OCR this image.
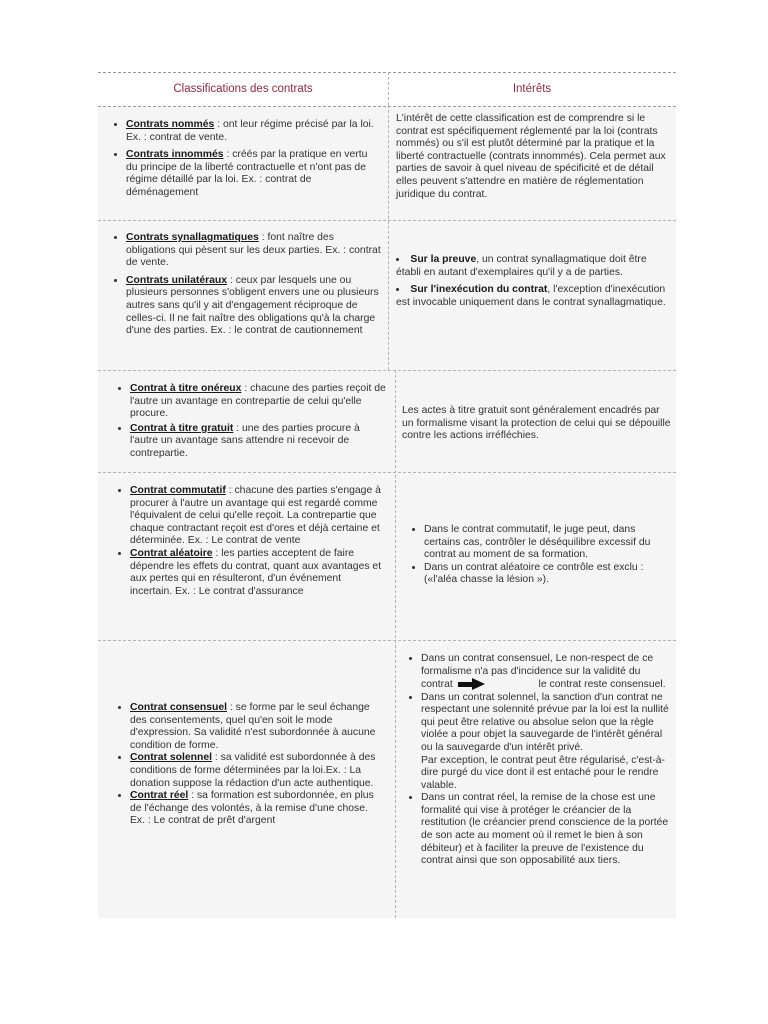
Classifications des contrats	Intérêts
• Contrats nommés : ont leur régime précisé par la loi. Ex. : contrat de vente.
• Contrats innommés : créés par la pratique en vertu du principe de la liberté contractuelle et n'ont pas de régime détaillé par la loi. Ex. : contrat de déménagement

L'intérêt de cette classification est de comprendre si le contrat est spécifiquement réglementé par la loi (contrats nommés) ou s'il est plutôt déterminé par la pratique et la liberté contractuelle (contrats innommés). Cela permet aux parties de savoir à quel niveau de spécificité et de détail elles peuvent s'attendre en matière de réglementation juridique du contrat.

• Contrats synallagmatiques : font naître des obligations qui pèsent sur les deux parties. Ex. : contrat de vente.
• Contrats unilatéraux : ceux par lesquels une ou plusieurs personnes s'obligent envers une ou plusieurs autres sans qu'il y ait d'engagement réciproque de celles-ci. Il ne fait naître des obligations qu'à la charge d'une des parties. Ex. : le contrat de cautionnement
• Sur la preuve, un contrat synallagmatique doit être établi en autant d'exemplaires qu'il y a de parties.
• Sur l'inexécution du contrat, l'exception d'inexécution est invocable uniquement dans le contrat synallagmatique.
• Contrat à titre onéreux : chacune des parties reçoit de l'autre un avantage en contrepartie de celui qu'elle procure.
• Contrat à titre gratuit : une des parties procure à l'autre un avantage sans attendre ni recevoir de contrepartie.

Les actes à titre gratuit sont généralement encadrés par un formalisme visant la protection de celui qui se dépouille contre les actions irréfléchies.

• Contrat commutatif : chacune des parties s'engage à procurer à l'autre un avantage qui est regardé comme l'équivalent de celui qu'elle reçoit. La contrepartie que chaque contractant reçoit est d'ores et déjà certaine et déterminée. Ex. : Le contrat de vente
• Contrat aléatoire : les parties acceptent de faire dépendre les effets du contrat, quant aux avantages et aux pertes qui en résulteront, d'un événement incertain. Ex. : Le contrat d'assurance
• Dans le contrat commutatif, le juge peut, dans certains cas, contrôler le déséquilibre excessif du contrat au moment de sa formation.
• Dans un contrat aléatoire ce contrôle est exclu : («l'aléa chasse la lésion »).
• Contrat consensuel : se forme par le seul échange des consentements, quel qu'en soit le mode d'expression. Sa validité n'est subordonnée à aucune condition de forme.
• Contrat solennel : sa validité est subordonnée à des conditions de forme déterminées par la loi.Ex. : La donation suppose la rédaction d'un acte authentique.
• Contrat réel : sa formation est subordonnée, en plus de l'échange des volontés, à la remise d'une chose.
Ex. : Le contrat de prêt d'argent
• Dans un contrat consensuel, Le non-respect de ce formalisme n'a pas d'incidence sur la validité du contrat	le contrat reste consensuel.
• Dans un contrat solennel, la sanction d'un contrat ne respectant une solennité prévue par la loi est la nullité qui peut être relative ou absolue selon que la règle violée a pour objet la sauvegarde de l'intérêt général ou la sauvegarde d'un intérêt privé.
Par exception, le contrat peut être régularisé, c'est-à-dire purgé du vice dont il est entaché pour le rendre valable.
• Dans un contrat réel, la remise de la chose est une formalité qui vise à protéger le créancier de la restitution (le créancier prend conscience de la portée de son acte au moment où il remet le bien à son débiteur) et à faciliter la preuve de l'existence du contrat ainsi que son opposabilité aux tiers.
